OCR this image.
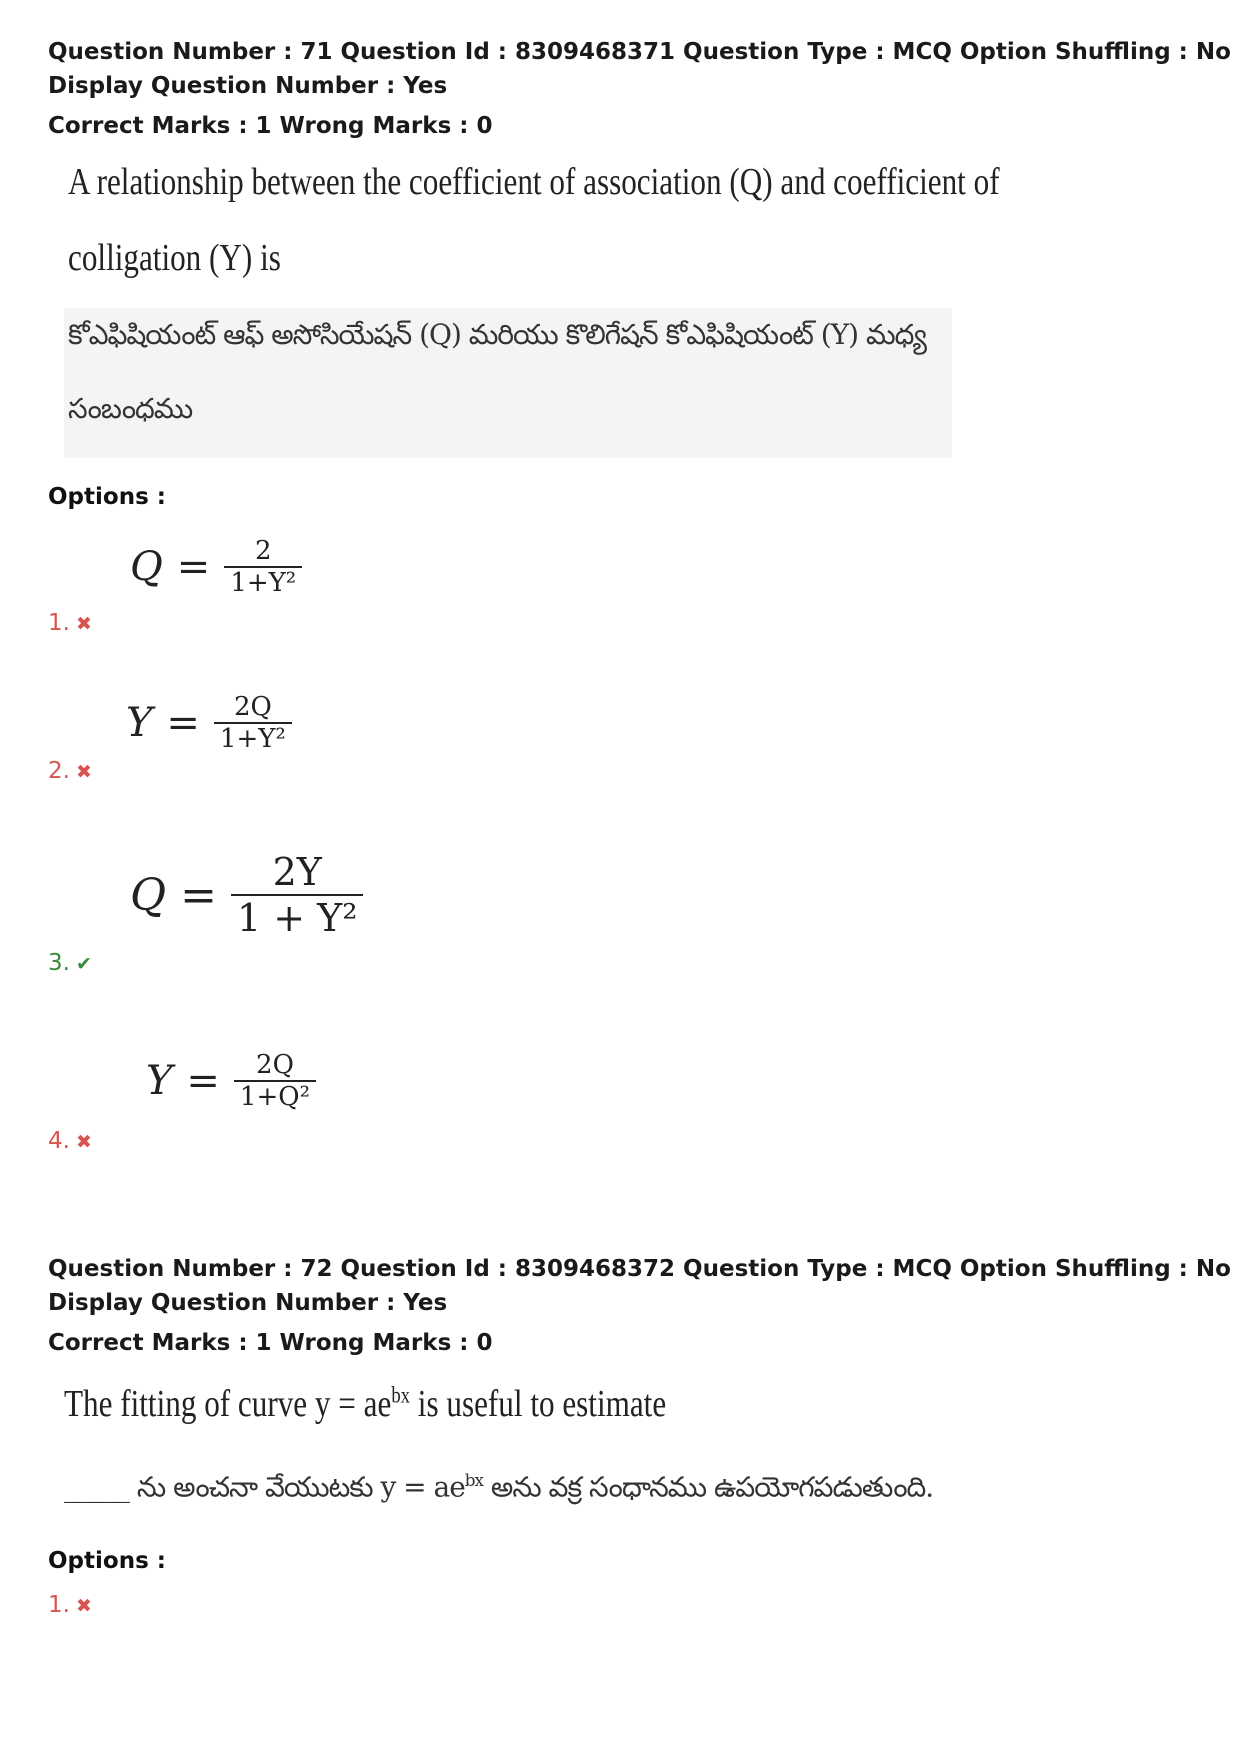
Question Number : 71 Question Id : 8309468371 Question Type : MCQ Option Shuffling : No
Display Question Number : Yes
Correct Marks : 1 Wrong Marks : 0
A relationship between the coefficient of association (Q) and coefficient of
colligation (Y) is
కోఎఫిషియంట్ ఆఫ్ అసోసియేషన్ (Q) మరియు కొలిగేషన్ కోఎఫిషియంట్ (Y) మధ్య
సంబంధము
Options :
$Q = \frac{2}{\text{1+Y²}}$
1. ✖
$Y = \frac{2Q}{\text{1+Y²}}$
2. ✖
$Q = \frac{2Y}{\text{1 + Y²}}$
3. ✔
$Y = \frac{2Q}{\text{1+Q²}}$
4. ✖
Question Number : 72 Question Id : 8309468372 Question Type : MCQ Option Shuffling : No
Display Question Number : Yes
Correct Marks : 1 Wrong Marks : 0
The fitting of curve $y = ae^{bx}$ is useful to estimate
_____ ను అంచనా వేయుటకు $y = ae^{bx}$ అను వక్ర సంధానము ఉపయోగపడుతుంది.
Options :
1. ✖
